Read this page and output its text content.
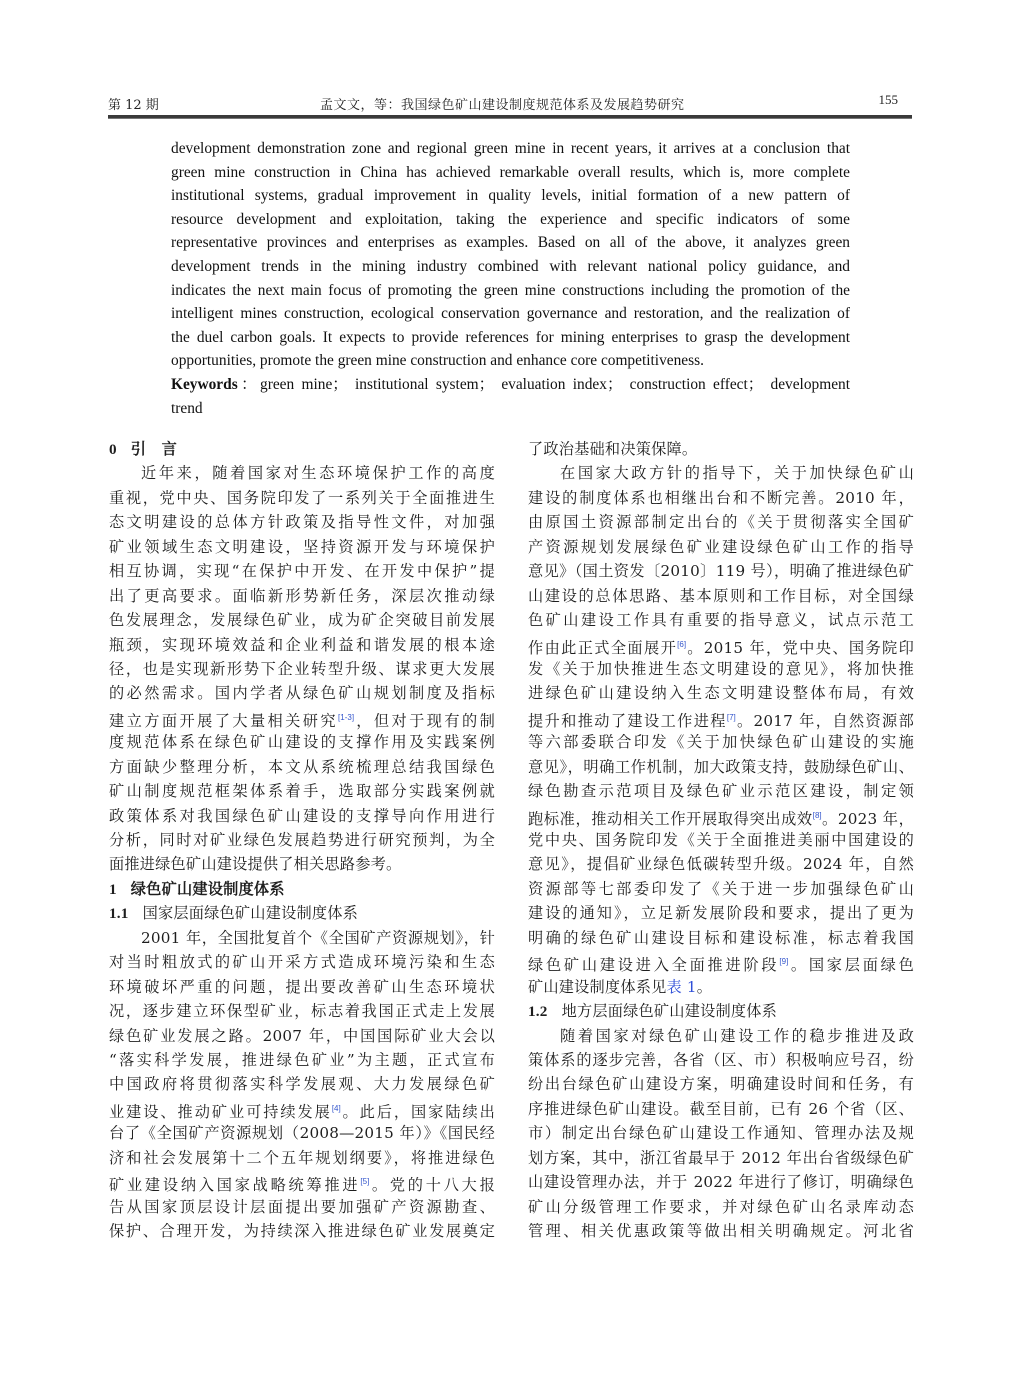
第 12 期	孟文文，等：我国绿色矿山建设制度规范体系及发展趋势研究	155
development demonstration zone and regional green mine in recent years, it arrives at a conclusion that
green mine construction in China has achieved remarkable overall results, which is, more complete
institutional systems, gradual improvement in quality levels, initial formation of a new pattern of
resource development and exploitation, taking the experience and specific indicators of some
representative provinces and enterprises as examples. Based on all of the above, it analyzes green
development trends in the mining industry combined with relevant national policy guidance, and
indicates the next main focus of promoting the green mine constructions including the promotion of the
intelligent mines construction, ecological conservation governance and restoration, and the realization of
the duel carbon goals. It expects to provide references for mining enterprises to grasp the development
opportunities, promote the green mine construction and enhance core competitiveness.
Keywords：green mine； institutional system； evaluation index； construction effect； development
trend
0 引　言
近年来，随着国家对生态环境保护工作的高度
重视，党中央、国务院印发了一系列关于全面推进生
态文明建设的总体方针政策及指导性文件，对加强
矿业领域生态文明建设，坚持资源开发与环境保护
相互协调，实现“在保护中开发、在开发中保护”提
出了更高要求。面临新形势新任务，深层次推动绿
色发展理念，发展绿色矿业，成为矿企突破目前发展
瓶颈，实现环境效益和企业利益和谐发展的根本途
径，也是实现新形势下企业转型升级、谋求更大发展
的必然需求。国内学者从绿色矿山规划制度及指标
建立方面开展了大量相关研究[1-3]，但对于现有的制
度规范体系在绿色矿山建设的支撑作用及实践案例
方面缺少整理分析，本文从系统梳理总结我国绿色
矿山制度规范框架体系着手，选取部分实践案例就
政策体系对我国绿色矿山建设的支撑导向作用进行
分析，同时对矿业绿色发展趋势进行研究预判，为全
面推进绿色矿山建设提供了相关思路参考。
1 绿色矿山建设制度体系
1.1 国家层面绿色矿山建设制度体系
2001 年，全国批复首个《全国矿产资源规划》，针
对当时粗放式的矿山开采方式造成环境污染和生态
环境破坏严重的问题，提出要改善矿山生态环境状
况，逐步建立环保型矿业，标志着我国正式走上发展
绿色矿业发展之路。2007 年，中国国际矿业大会以
“落实科学发展，推进绿色矿业”为主题，正式宣布
中国政府将贯彻落实科学发展观、大力发展绿色矿
业建设、推动矿业可持续发展[4]。此后，国家陆续出
台了《全国矿产资源规划（2008—2015 年）》《国民经
济和社会发展第十二个五年规划纲要》，将推进绿色
矿业建设纳入国家战略统筹推进[5]。党的十八大报
告从国家顶层设计层面提出要加强矿产资源勘查、
保护、合理开发，为持续深入推进绿色矿业发展奠定
了政治基础和决策保障。
在国家大政方针的指导下，关于加快绿色矿山
建设的制度体系也相继出台和不断完善。2010 年，
由原国土资源部制定出台的《关于贯彻落实全国矿
产资源规划发展绿色矿业建设绿色矿山工作的指导
意见》（国土资发〔2010〕119 号），明确了推进绿色矿
山建设的总体思路、基本原则和工作目标，对全国绿
色矿山建设工作具有重要的指导意义，试点示范工
作由此正式全面展开[6]。2015 年，党中央、国务院印
发《关于加快推进生态文明建设的意见》，将加快推
进绿色矿山建设纳入生态文明建设整体布局，有效
提升和推动了建设工作进程[7]。2017 年，自然资源部
等六部委联合印发《关于加快绿色矿山建设的实施
意见》，明确工作机制，加大政策支持，鼓励绿色矿山、
绿色勘查示范项目及绿色矿业示范区建设，制定领
跑标准，推动相关工作开展取得突出成效[8]。2023 年，
党中央、国务院印发《关于全面推进美丽中国建设的
意见》，提倡矿业绿色低碳转型升级。2024 年，自然
资源部等七部委印发了《关于进一步加强绿色矿山
建设的通知》，立足新发展阶段和要求，提出了更为
明确的绿色矿山建设目标和建设标准，标志着我国
绿色矿山建设进入全面推进阶段[9]。国家层面绿色
矿山建设制度体系见表 1。
1.2 地方层面绿色矿山建设制度体系
随着国家对绿色矿山建设工作的稳步推进及政
策体系的逐步完善，各省（区、市）积极响应号召，纷
纷出台绿色矿山建设方案，明确建设时间和任务，有
序推进绿色矿山建设。截至目前，已有 26 个省（区、
市）制定出台绿色矿山建设工作通知、管理办法及规
划方案，其中，浙江省最早于 2012 年出台省级绿色矿
山建设管理办法，并于 2022 年进行了修订，明确绿色
矿山分级管理工作要求，并对绿色矿山名录库动态
管理、相关优惠政策等做出相关明确规定。河北省
